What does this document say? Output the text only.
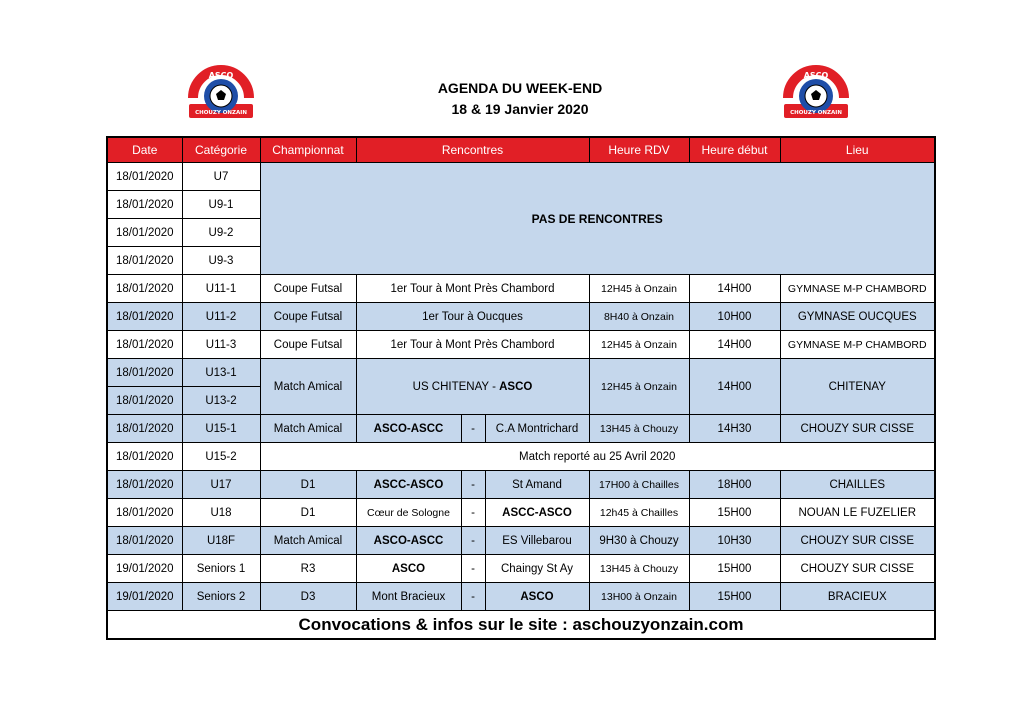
ASCO
CHOUZY ONZAIN
ASCO
CHOUZY ONZAIN
AGENDA DU WEEK-END
18 & 19 Janvier 2020
Date	Catégorie	Championnat	Rencontres			Heure RDV	Heure début	Lieu
18/01/2020	U7	PAS DE RENCONTRES						
18/01/2020	U9-1							
18/01/2020	U9-2							
18/01/2020	U9-3							
18/01/2020	U11-1	Coupe Futsal	1er Tour à Mont Près Chambord			12H45 à Onzain	14H00	GYMNASE M-P CHAMBORD
18/01/2020	U11-2	Coupe Futsal	1er Tour à Oucques			8H40 à Onzain	10H00	GYMNASE OUCQUES
18/01/2020	U11-3	Coupe Futsal	1er Tour à Mont Près Chambord			12H45 à Onzain	14H00	GYMNASE M-P CHAMBORD
18/01/2020	U13-1	Match Amical	US CHITENAY - ASCO			12H45 à Onzain	14H00	CHITENAY
18/01/2020	U13-2							
18/01/2020	U15-1	Match Amical	ASCO-ASCC	-	C.A Montrichard	13H45 à Chouzy	14H30	CHOUZY SUR CISSE
18/01/2020	U15-2	Match reporté au 25 Avril 2020						
18/01/2020	U17	D1	ASCC-ASCO	-	St Amand	17H00 à Chailles	18H00	CHAILLES
18/01/2020	U18	D1	Cœur de Sologne	-	ASCC-ASCO	12h45 à Chailles	15H00	NOUAN LE FUZELIER
18/01/2020	U18F	Match Amical	ASCO-ASCC	-	ES Villebarou	9H30 à Chouzy	10H30	CHOUZY SUR CISSE
19/01/2020	Seniors 1	R3	ASCO	-	Chaingy St Ay	13H45 à Chouzy	15H00	CHOUZY SUR CISSE
19/01/2020	Seniors 2	D3	Mont Bracieux	-	ASCO	13H00 à Onzain	15H00	BRACIEUX
Convocations & infos sur le site : aschouzyonzain.com								
